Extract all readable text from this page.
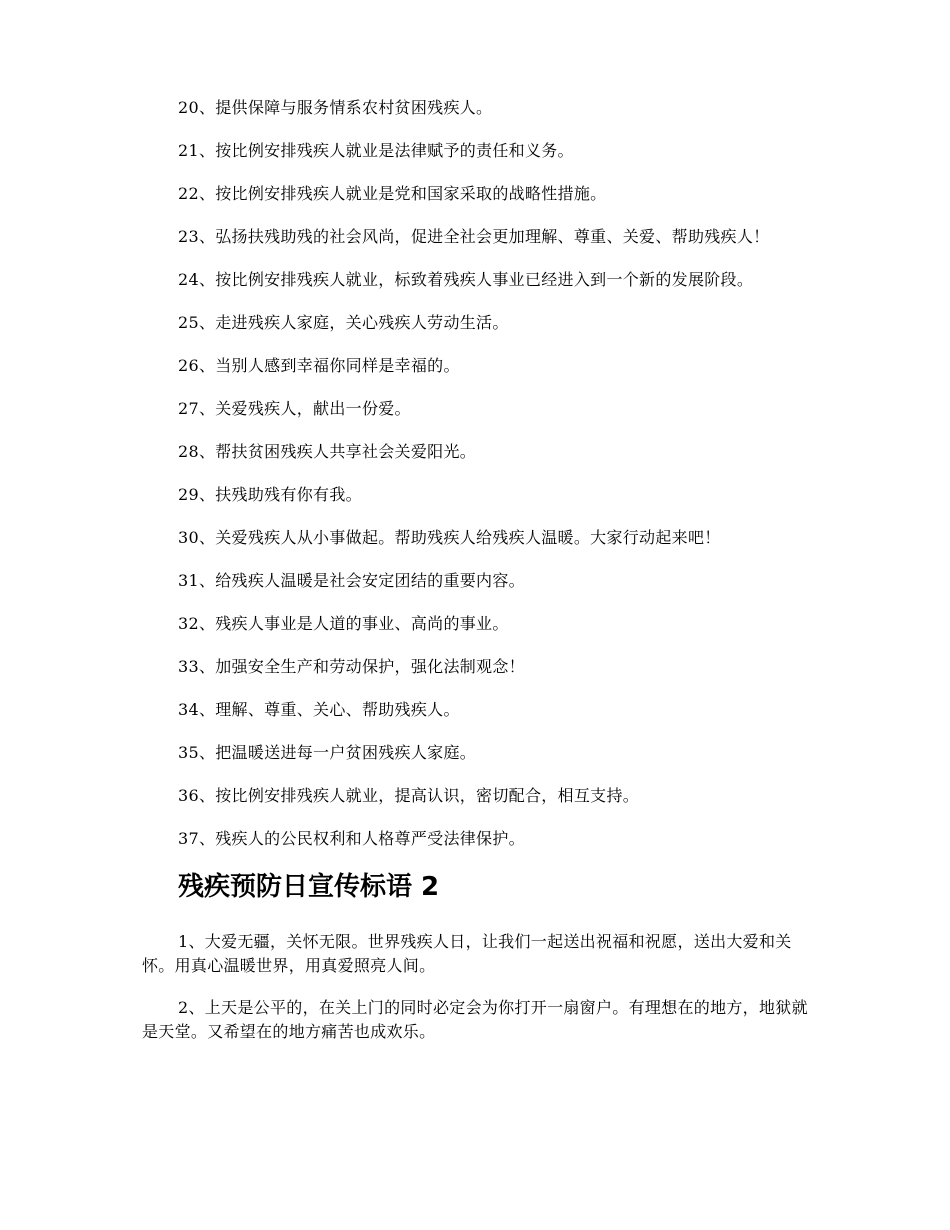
20、提供保障与服务情系农村贫困残疾人。

21、按比例安排残疾人就业是法律赋予的责任和义务。

22、按比例安排残疾人就业是党和国家采取的战略性措施。

23、弘扬扶残助残的社会风尚，促进全社会更加理解、尊重、关爱、帮助残疾人！

24、按比例安排残疾人就业，标致着残疾人事业已经进入到一个新的发展阶段。

25、走进残疾人家庭，关心残疾人劳动生活。

26、当别人感到幸福你同样是幸福的。

27、关爱残疾人，献出一份爱。

28、帮扶贫困残疾人共享社会关爱阳光。

29、扶残助残有你有我。

30、关爱残疾人从小事做起。帮助残疾人给残疾人温暖。大家行动起来吧！

31、给残疾人温暖是社会安定团结的重要内容。

32、残疾人事业是人道的事业、高尚的事业。

33、加强安全生产和劳动保护，强化法制观念！

34、理解、尊重、关心、帮助残疾人。

35、把温暖送进每一户贫困残疾人家庭。

36、按比例安排残疾人就业，提高认识，密切配合，相互支持。

37、残疾人的公民权利和人格尊严受法律保护。

残疾预防日宣传标语 2

1、大爱无疆，关怀无限。世界残疾人日，让我们一起送出祝福和祝愿，送出大爱和关怀。用真心温暖世界，用真爱照亮人间。

2、上天是公平的，在关上门的同时必定会为你打开一扇窗户。有理想在的地方，地狱就是天堂。又希望在的地方痛苦也成欢乐。
